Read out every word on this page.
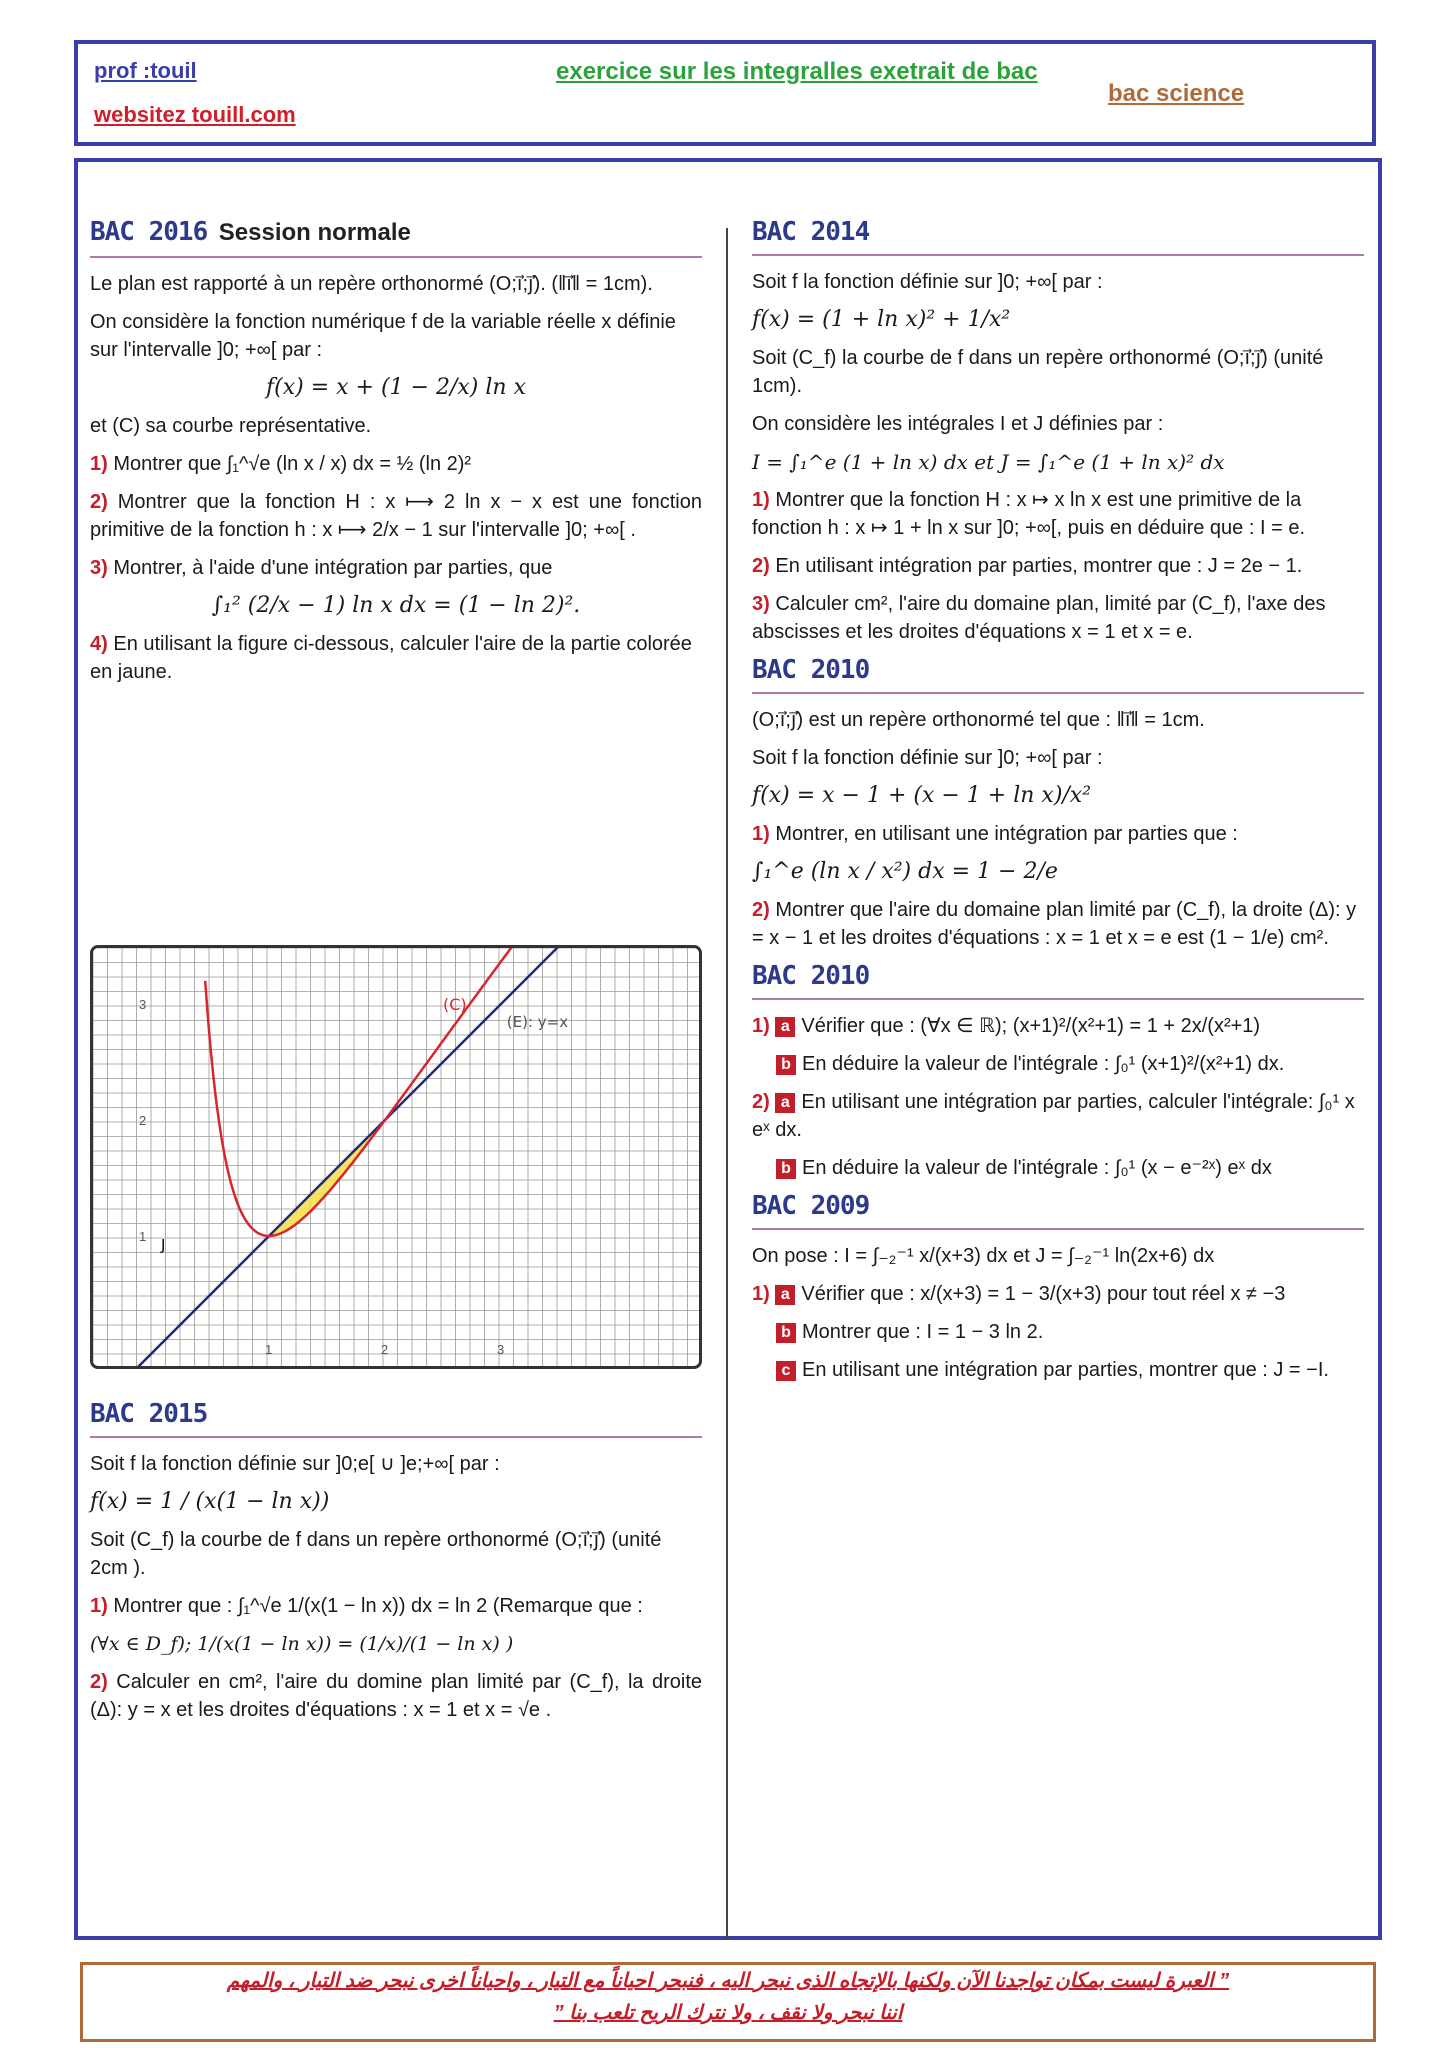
prof :touil
websitez touill.com
exercice sur les integralles exetrait de bac
bac science
BAC 2016 Session normale

Le plan est rapporté à un repère orthonormé (O;i⃗;j⃗). (‖i⃗‖ = 1cm).

On considère la fonction numérique f de la variable réelle x définie sur l'intervalle ]0; +∞[ par :

f(x) = x + (1 − 2/x) ln x

et (C) sa courbe représentative.

1) Montrer que ∫₁^√e (ln x / x) dx = ½ (ln 2)²

2) Montrer que la fonction H : x ⟼ 2 ln x − x est une fonction primitive de la fonction h : x ⟼ 2/x − 1 sur l'intervalle ]0; +∞[ .

3) Montrer, à l'aide d'une intégration par parties, que

∫₁² (2/x − 1) ln x dx = (1 − ln 2)².

4) En utilisant la figure ci-dessous, calculer l'aire de la partie colorée en jaune.

1	2	3
1
2
3	(C)
(E): y=x
J
BAC 2015

Soit f la fonction définie sur ]0;e[ ∪ ]e;+∞[ par :

f(x) = 1 / (x(1 − ln x))

Soit (C_f) la courbe de f dans un repère orthonormé (O;i⃗;j⃗) (unité 2cm ).

1) Montrer que : ∫₁^√e 1/(x(1 − ln x)) dx = ln 2 (Remarque que :

(∀x ∈ D_f); 1/(x(1 − ln x)) = (1/x)/(1 − ln x) )

2) Calculer en cm², l'aire du domine plan limité par (C_f), la droite (Δ): y = x et les droites d'équations : x = 1 et x = √e .

BAC 2014

Soit f la fonction définie sur ]0; +∞[ par :

f(x) = (1 + ln x)² + 1/x²

Soit (C_f) la courbe de f dans un repère orthonormé (O;i⃗;j⃗) (unité 1cm).

On considère les intégrales I et J définies par :

I = ∫₁^e (1 + ln x) dx et J = ∫₁^e (1 + ln x)² dx

1) Montrer que la fonction H : x ↦ x ln x est une primitive de la fonction h : x ↦ 1 + ln x sur ]0; +∞[, puis en déduire que : I = e.

2) En utilisant intégration par parties, montrer que : J = 2e − 1.

3) Calculer cm², l'aire du domaine plan, limité par (C_f), l'axe des abscisses et les droites d'équations x = 1 et x = e.

BAC 2010

(O;i⃗;j⃗) est un repère orthonormé tel que : ‖i⃗‖ = 1cm.

Soit f la fonction définie sur ]0; +∞[ par :

f(x) = x − 1 + (x − 1 + ln x)/x²

1) Montrer, en utilisant une intégration par parties que :

∫₁^e (ln x / x²) dx = 1 − 2/e

2) Montrer que l'aire du domaine plan limité par (C_f), la droite (Δ): y = x − 1 et les droites d'équations : x = 1 et x = e est (1 − 1/e) cm².

BAC 2010

1) a Vérifier que : (∀x ∈ ℝ); (x+1)²/(x²+1) = 1 + 2x/(x²+1)

b En déduire la valeur de l'intégrale : ∫₀¹ (x+1)²/(x²+1) dx.

2) a En utilisant une intégration par parties, calculer l'intégrale: ∫₀¹ x eˣ dx.

b En déduire la valeur de l'intégrale : ∫₀¹ (x − e⁻²ˣ) eˣ dx

BAC 2009

On pose : I = ∫₋₂⁻¹ x/(x+3) dx et J = ∫₋₂⁻¹ ln(2x+6) dx

1) a Vérifier que : x/(x+3) = 1 − 3/(x+3) pour tout réel x ≠ −3

b Montrer que : I = 1 − 3 ln 2.

c En utilisant une intégration par parties, montrer que : J = −I.

” العبرة ليست بمكان تواجدنا الآن ولكنها بالإتجاه الذى نبحر اليه ، فنبحر احياناً مع التيار ، واحياناً اخرى نبحر ضد التيار ، والمهم
اننا نبحر ولا نقف ، ولا نترك الريح تلعب بنا ”
